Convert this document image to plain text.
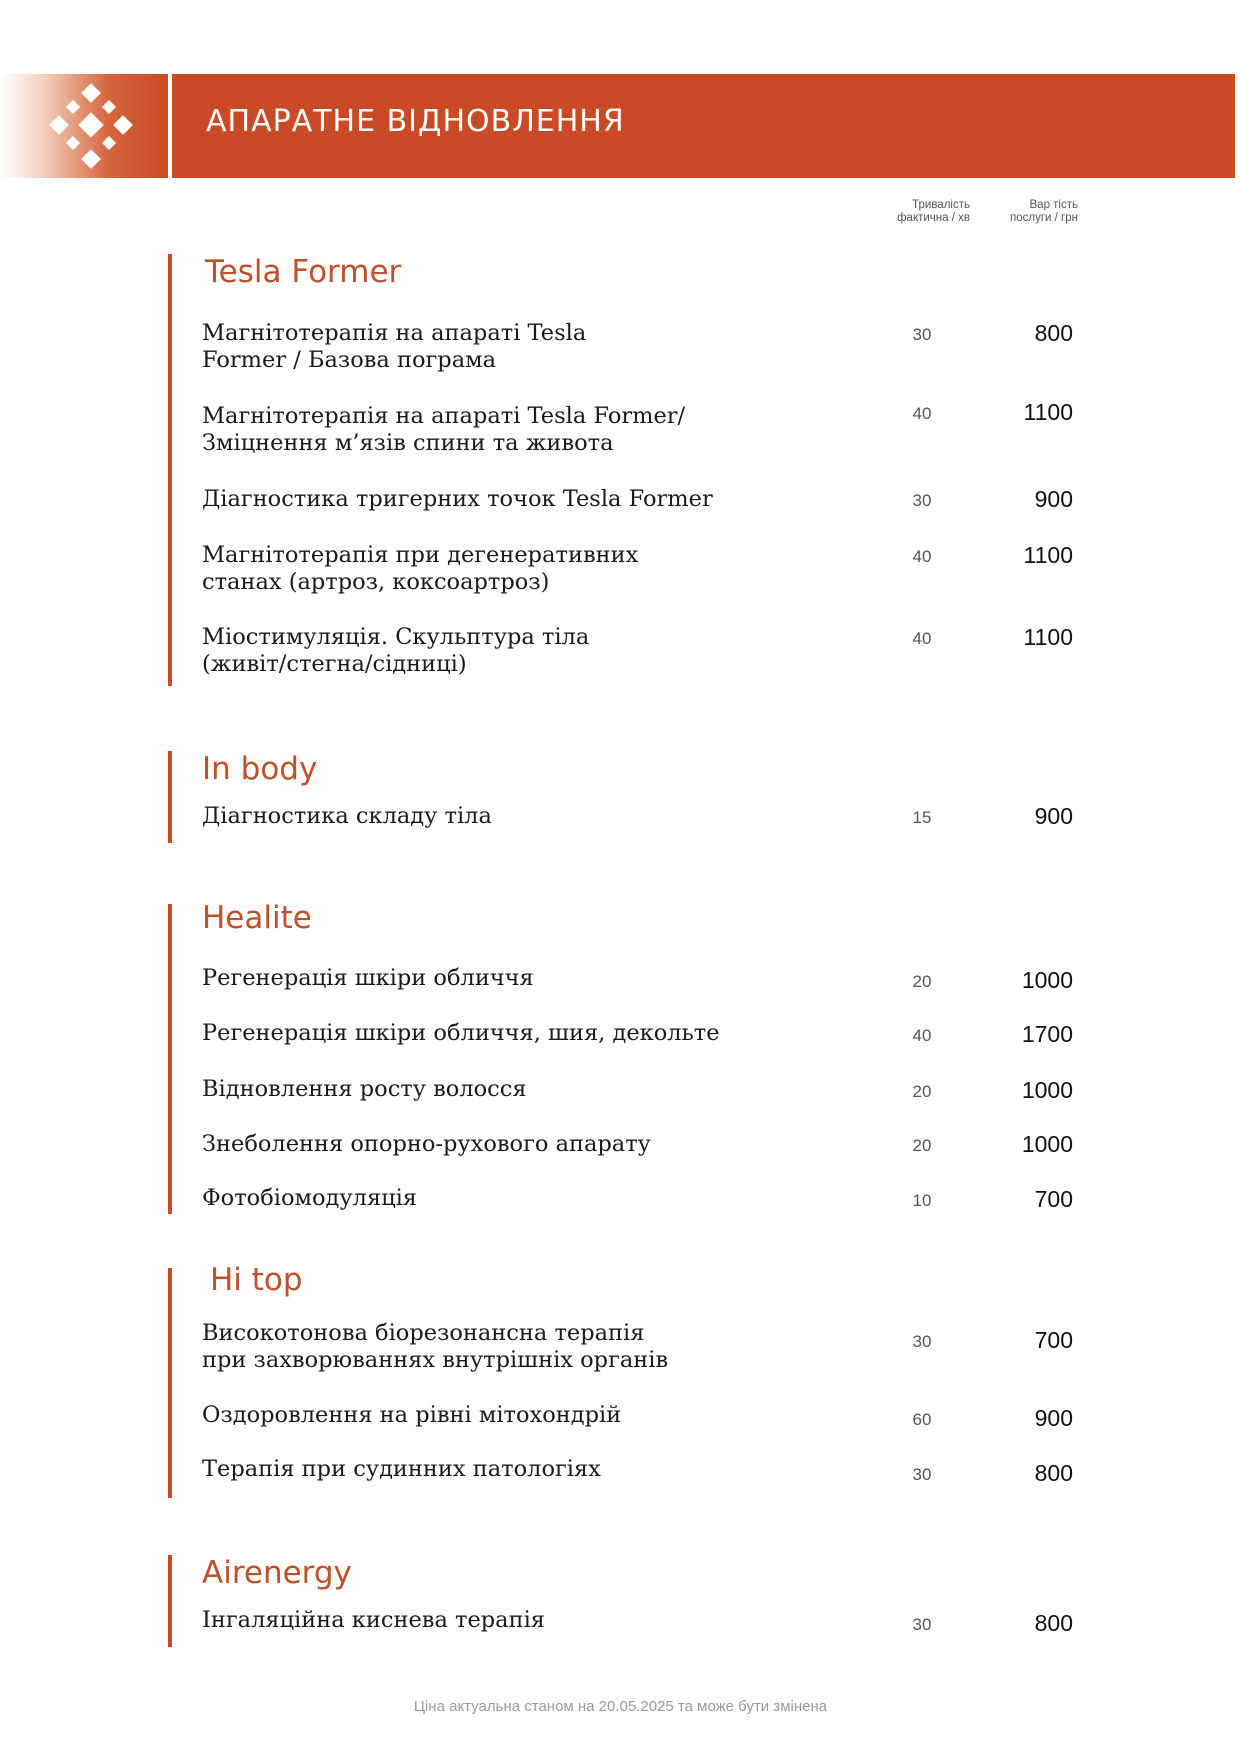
АПАРАТНЕ ВІДНОВЛЕННЯ
Тривалість
фактична / хв
Вар тість
послуги / грн
Tesla Former
Магнітотерапія на апараті Tesla
Former / Базова пограма
30	800
Магнітотерапія на апараті Tesla Former/
Зміцнення м’язів спини та живота
40	1100
Діагностика тригерних точок Tesla Former	30	900
Магнітотерапія при дегенеративних
станах (артроз, коксоартроз)
40	1100
Міостимуляція. Скульптура тіла
(живіт/стегна/сідниці)
40	1100
In body
Діагностика складу тіла	15	900
Healite
Регенерація шкіри обличчя	20	1000
Регенерація шкіри обличчя, шия, декольте	40	1700
Відновлення росту волосся	20	1000
Знеболення опорно-рухового апарату	20	1000
Фотобіомодуляція	10	700
Hi top
Високотонова біорезонансна терапія
при захворюваннях внутрішніх органів
30	700
Оздоровлення на рівні мітохондрій	60	900
Терапія при судинних патологіях	30	800
Airenergy
Інгаляційна киснева терапія	30	800
Ціна актуальна станом на 20.05.2025 та може бути змінена
